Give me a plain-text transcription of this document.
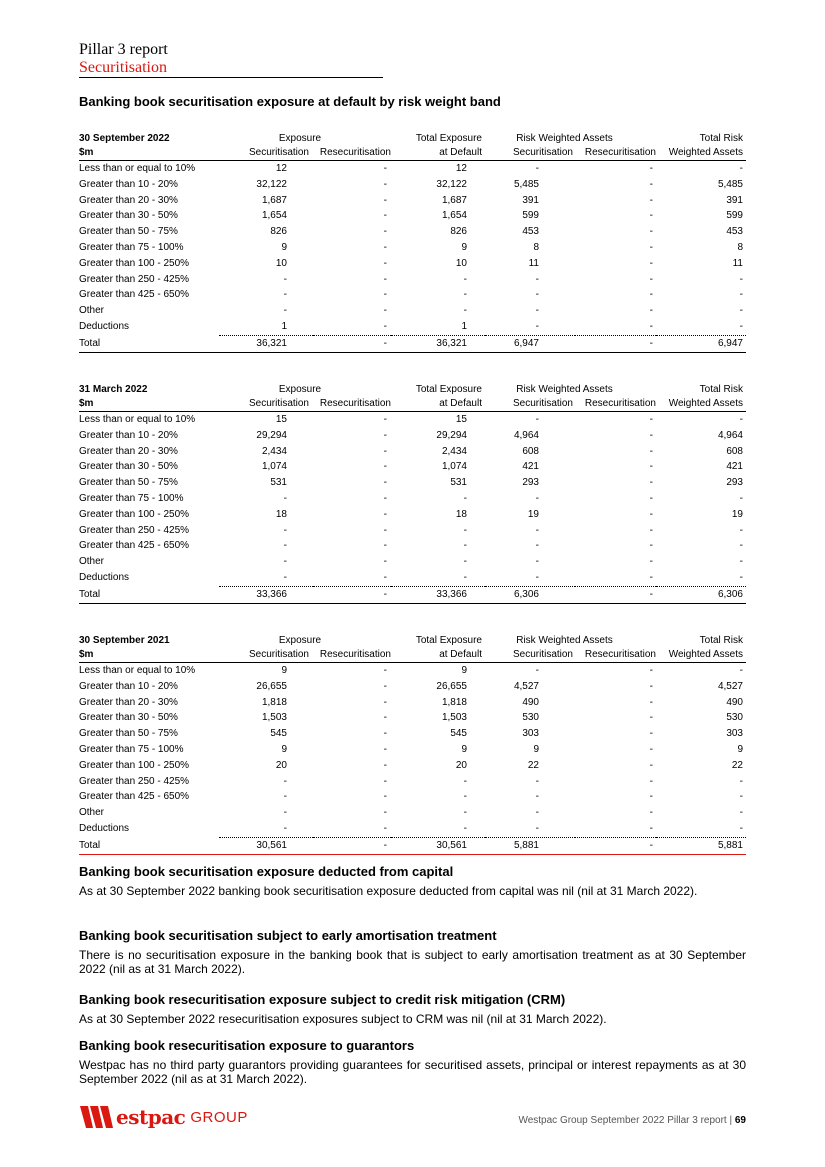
Pillar 3 report
Securitisation
Banking book securitisation exposure at default by risk weight band
30 September 2022	Exposure		Total Exposure	Risk Weighted Assets		Total Risk
$m	Securitisation	Resecuritisation	at Default	Securitisation	Resecuritisation	Weighted Assets
Less than or equal to 10%	12	-	12	-	-	-
Greater than 10 - 20%	32,122	-	32,122	5,485	-	5,485
Greater than 20 - 30%	1,687	-	1,687	391	-	391
Greater than 30 - 50%	1,654	-	1,654	599	-	599
Greater than 50 - 75%	826	-	826	453	-	453
Greater than 75 - 100%	9	-	9	8	-	8
Greater than 100 - 250%	10	-	10	11	-	11
Greater than 250 - 425%	-	-	-	-	-	-
Greater than 425 - 650%	-	-	-	-	-	-
Other	-	-	-	-	-	-
Deductions	1	-	1	-	-	-
Total	36,321	-	36,321	6,947	-	6,947
31 March 2022	Exposure		Total Exposure	Risk Weighted Assets		Total Risk
$m	Securitisation	Resecuritisation	at Default	Securitisation	Resecuritisation	Weighted Assets
Less than or equal to 10%	15	-	15	-	-	-
Greater than 10 - 20%	29,294	-	29,294	4,964	-	4,964
Greater than 20 - 30%	2,434	-	2,434	608	-	608
Greater than 30 - 50%	1,074	-	1,074	421	-	421
Greater than 50 - 75%	531	-	531	293	-	293
Greater than 75 - 100%	-	-	-	-	-	-
Greater than 100 - 250%	18	-	18	19	-	19
Greater than 250 - 425%	-	-	-	-	-	-
Greater than 425 - 650%	-	-	-	-	-	-
Other	-	-	-	-	-	-
Deductions	-	-	-	-	-	-
Total	33,366	-	33,366	6,306	-	6,306
30 September 2021	Exposure		Total Exposure	Risk Weighted Assets		Total Risk
$m	Securitisation	Resecuritisation	at Default	Securitisation	Resecuritisation	Weighted Assets
Less than or equal to 10%	9	-	9	-	-	-
Greater than 10 - 20%	26,655	-	26,655	4,527	-	4,527
Greater than 20 - 30%	1,818	-	1,818	490	-	490
Greater than 30 - 50%	1,503	-	1,503	530	-	530
Greater than 50 - 75%	545	-	545	303	-	303
Greater than 75 - 100%	9	-	9	9	-	9
Greater than 100 - 250%	20	-	20	22	-	22
Greater than 250 - 425%	-	-	-	-	-	-
Greater than 425 - 650%	-	-	-	-	-	-
Other	-	-	-	-	-	-
Deductions	-	-	-	-	-	-
Total	30,561	-	30,561	5,881	-	5,881
Banking book securitisation exposure deducted from capital

As at 30 September 2022 banking book securitisation exposure deducted from capital was nil (nil at 31 March 2022).

Banking book securitisation subject to early amortisation treatment

There is no securitisation exposure in the banking book that is subject to early amortisation treatment as at 30 September 2022 (nil as at 31 March 2022).

Banking book resecuritisation exposure subject to credit risk mitigation (CRM)

As at 30 September 2022 resecuritisation exposures subject to CRM was nil (nil at 31 March 2022).

Banking book resecuritisation exposure to guarantors

Westpac has no third party guarantors providing guarantees for securitised assets, principal or interest repayments as at 30 September 2022 (nil as at 31 March 2022).

estpac GROUP	Westpac Group September 2022 Pillar 3 report | 69
